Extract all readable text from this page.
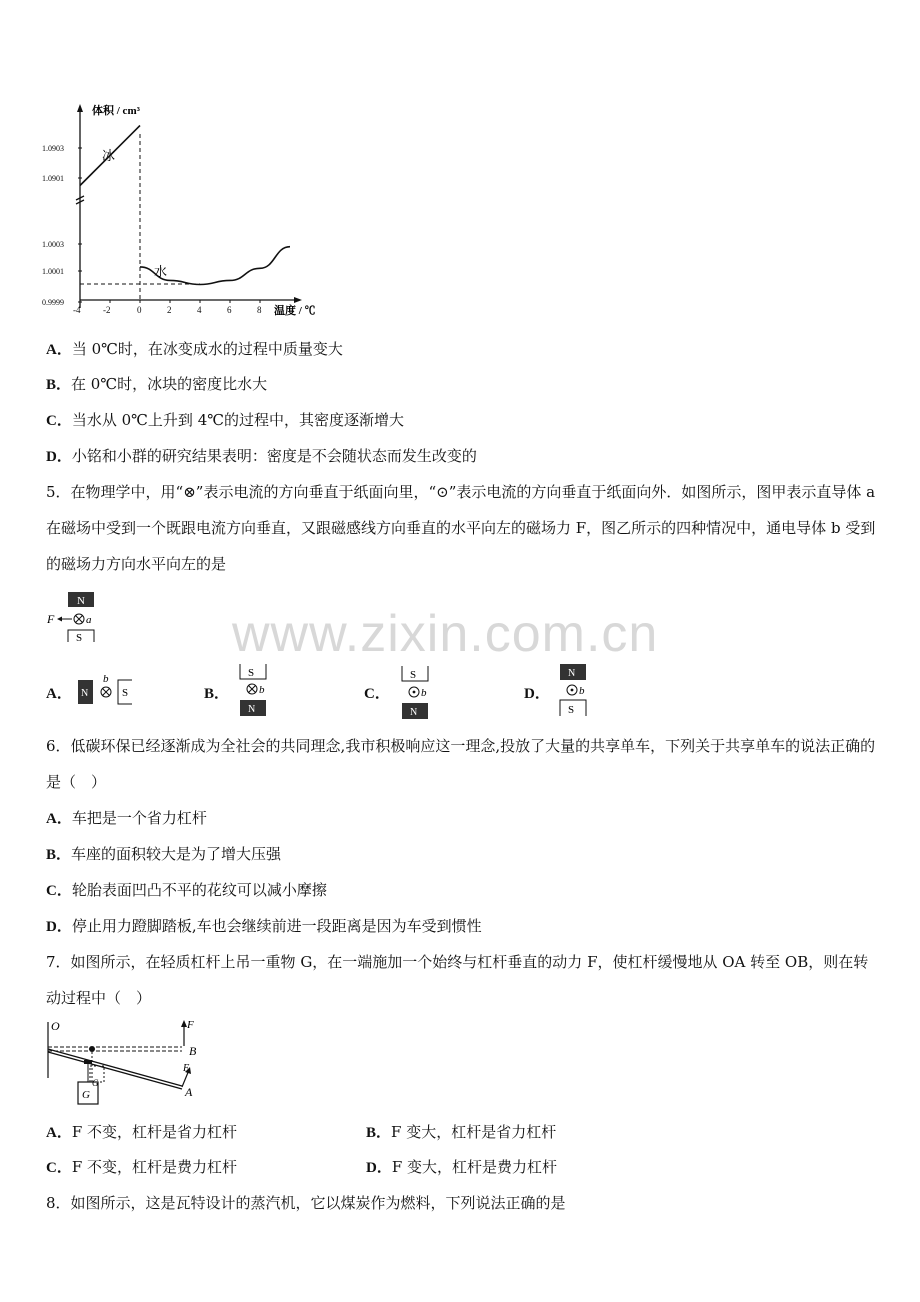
1.0903
1.0901
1.0003
1.0001
0.9999
-4	-2	0	2	4	6	8
体积 / cm³
温度 / ℃
冰
水
A．当 0℃时，在冰变成水的过程中质量变大
B．在 0℃时，冰块的密度比水大
C．当水从 0℃上升到 4℃的过程中，其密度逐渐增大
D．小铭和小群的研究结果表明：密度是不会随状态而发生改变的
5．在物理学中，用“⊗”表示电流的方向垂直于纸面向里，“⊙”表示电流的方向垂直于纸面向外．如图所示，图甲表示直导体 a 在磁场中受到一个既跟电流方向垂直，又跟磁感线方向垂直的水平向左的磁场力 F，图乙所示的四种情况中，通电导体 b 受到的磁场力方向水平向左的是
N
F	a
S	www.zixin.com.cn
A． N
b
S	B．
S
b
N
C．
S
b
N
D．
N
b
S
6．低碳环保已经逐渐成为全社会的共同理念,我市积极响应这一理念,投放了大量的共享单车，下列关于共享单车的说法正确的是（　）
A．车把是一个省力杠杆
B．车座的面积较大是为了增大压强
C．轮胎表面凹凸不平的花纹可以减小摩擦
D．停止用力蹬脚踏板,车也会继续前进一段距离是因为车受到惯性
7．如图所示，在轻质杠杆上吊一重物 G，在一端施加一个始终与杠杆垂直的动力 F，使杠杆缓慢地从 OA 转至 OB，则在转动过程中（　）
O	F
B
F
A
G
G
A．F 不变，杠杆是省力杠杆	B．F 变大，杠杆是省力杠杆
C．F 不变，杠杆是费力杠杆	D．F 变大，杠杆是费力杠杆
8．如图所示，这是瓦特设计的蒸汽机，它以煤炭作为燃料，下列说法正确的是
